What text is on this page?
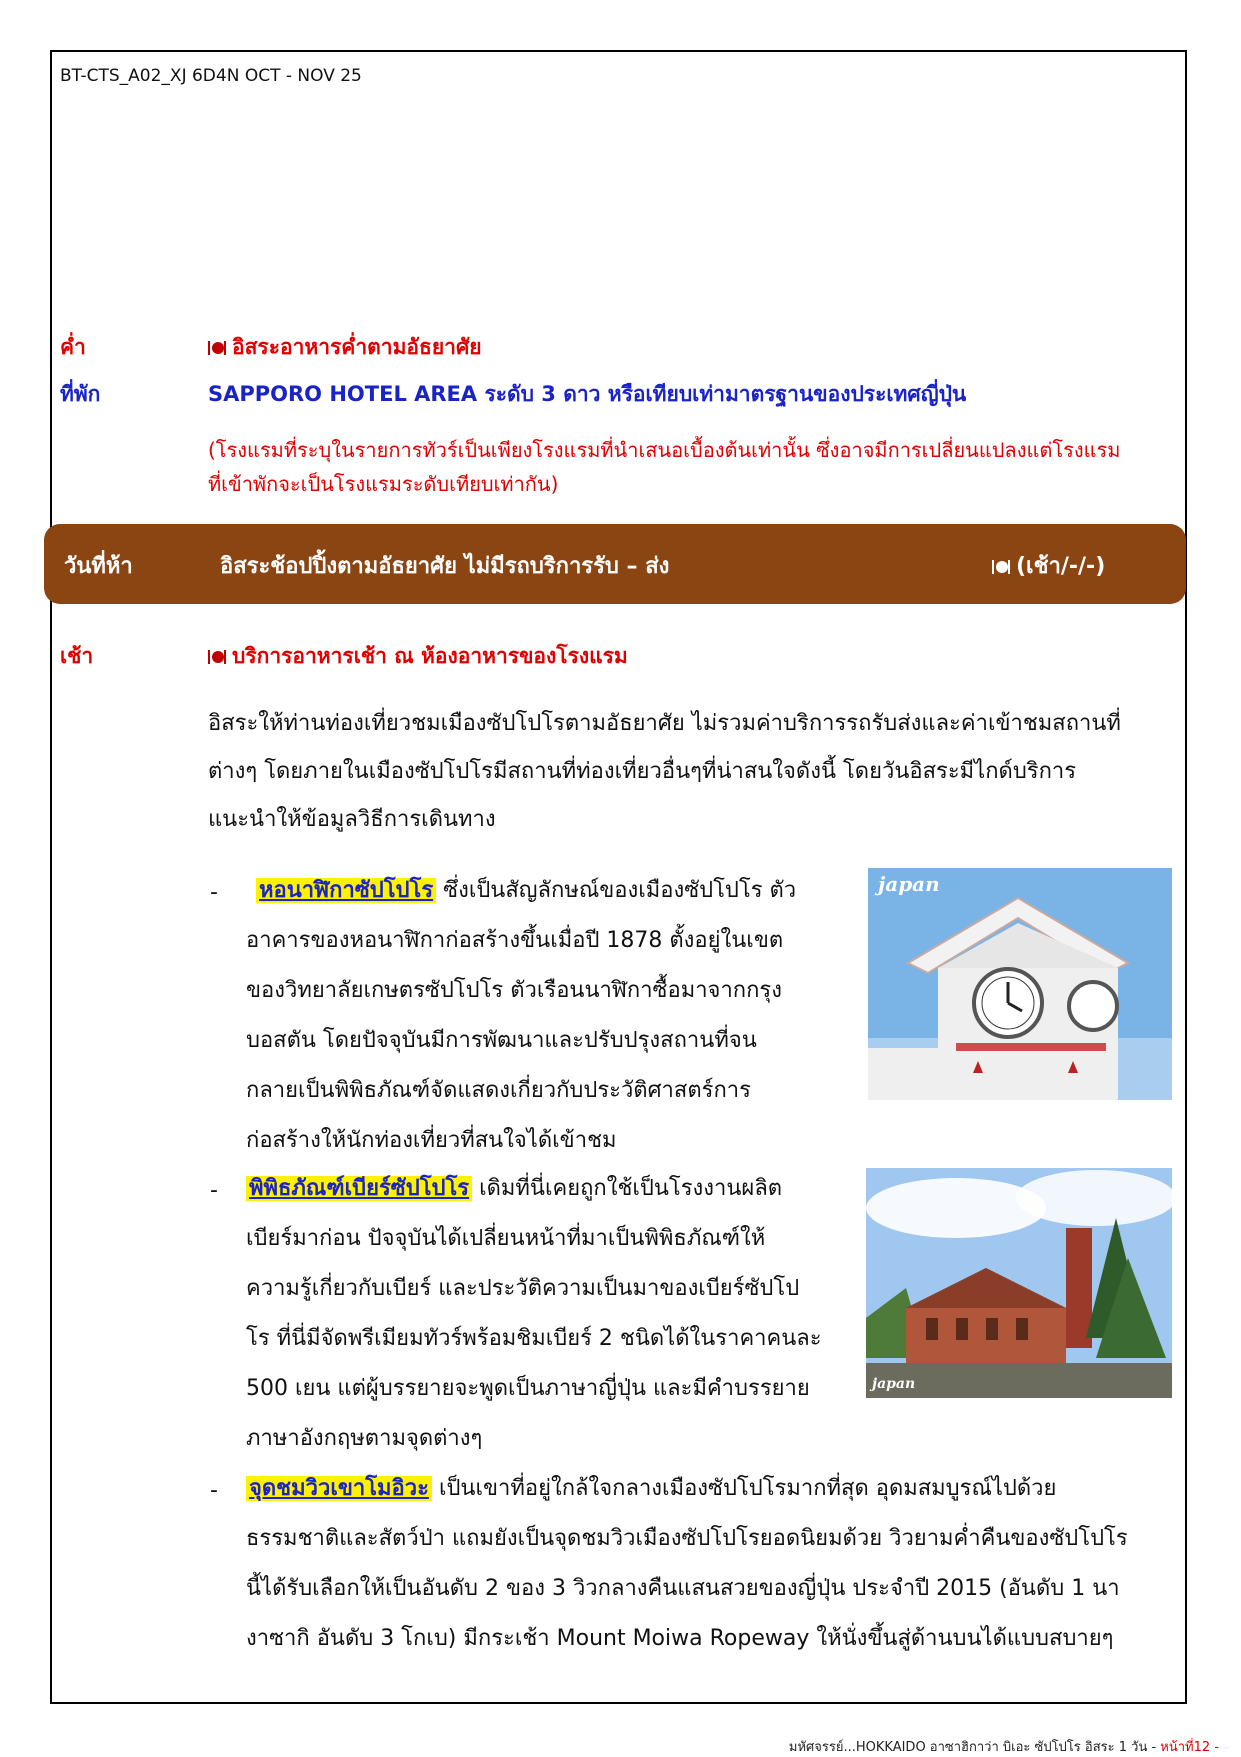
BT-CTS_A02_XJ 6D4N OCT - NOV 25
ค่ำ	อิสระอาหารค่ำตามอัธยาศัย
ที่พัก	SAPPORO HOTEL AREA ระดับ 3 ดาว หรือเทียบเท่ามาตรฐานของประเทศญี่ปุ่น
(โรงแรมที่ระบุในรายการทัวร์เป็นเพียงโรงแรมที่นำเสนอเบื้องต้นเท่านั้น ซึ่งอาจมีการเปลี่ยนแปลงแต่โรงแรม
ที่เข้าพักจะเป็นโรงแรมระดับเทียบเท่ากัน)
วันที่ห้า	อิสระช้อปปิ้งตามอัธยาศัย ไม่มีรถบริการรับ – ส่ง	(เช้า/-/-)
เช้า	บริการอาหารเช้า ณ ห้องอาหารของโรงแรม
อิสระให้ท่านท่องเที่ยวชมเมืองซัปโปโรตามอัธยาศัย ไม่รวมค่าบริการรถรับส่งและค่าเข้าชมสถานที่
ต่างๆ โดยภายในเมืองซัปโปโรมีสถานที่ท่องเที่ยวอื่นๆที่น่าสนใจดังนี้ โดยวันอิสระมีไกด์บริการ
แนะนำให้ข้อมูลวิธีการเดินทาง
- หอนาฬิกาซัปโปโร ซึ่งเป็นสัญลักษณ์ของเมืองซัปโปโร ตัว
อาคารของหอนาฬิกาก่อสร้างขึ้นเมื่อปี 1878 ตั้งอยู่ในเขต
ของวิทยาลัยเกษตรซัปโปโร ตัวเรือนนาฬิกาซื้อมาจากกรุง
บอสตัน โดยปัจจุบันมีการพัฒนาและปรับปรุงสถานที่จน
กลายเป็นพิพิธภัณฑ์จัดแสดงเกี่ยวกับประวัติศาสตร์การ
ก่อสร้างให้นักท่องเที่ยวที่สนใจได้เข้าชม
japan
- พิพิธภัณฑ์เบียร์ซัปโปโร เดิมที่นี่เคยถูกใช้เป็นโรงงานผลิต
เบียร์มาก่อน ปัจจุบันได้เปลี่ยนหน้าที่มาเป็นพิพิธภัณฑ์ให้
ความรู้เกี่ยวกับเบียร์ และประวัติความเป็นมาของเบียร์ซัปโป
โร ที่นี่มีจัดพรีเมียมทัวร์พร้อมชิมเบียร์ 2 ชนิดได้ในราคาคนละ
500 เยน แต่ผู้บรรยายจะพูดเป็นภาษาญี่ปุ่น และมีคำบรรยาย
ภาษาอังกฤษตามจุดต่างๆ
japan
- จุดชมวิวเขาโมอิวะ เป็นเขาที่อยู่ใกล้ใจกลางเมืองซัปโปโรมากที่สุด อุดมสมบูรณ์ไปด้วย
ธรรมชาติและสัตว์ป่า แถมยังเป็นจุดชมวิวเมืองซัปโปโรยอดนิยมด้วย วิวยามค่ำคืนของซัปโปโร
นี้ได้รับเลือกให้เป็นอันดับ 2 ของ 3 วิวกลางคืนแสนสวยของญี่ปุ่น ประจำปี 2015 (อันดับ 1 นา
งาซากิ อันดับ 3 โกเบ) มีกระเช้า Mount Moiwa Ropeway ให้นั่งขึ้นสู่ด้านบนได้แบบสบายๆ
มหัศจรรย์...HOKKAIDO อาซาฮิกาว่า บิเอะ ซัปโปโร อิสระ 1 วัน - หน้าที่12 -
